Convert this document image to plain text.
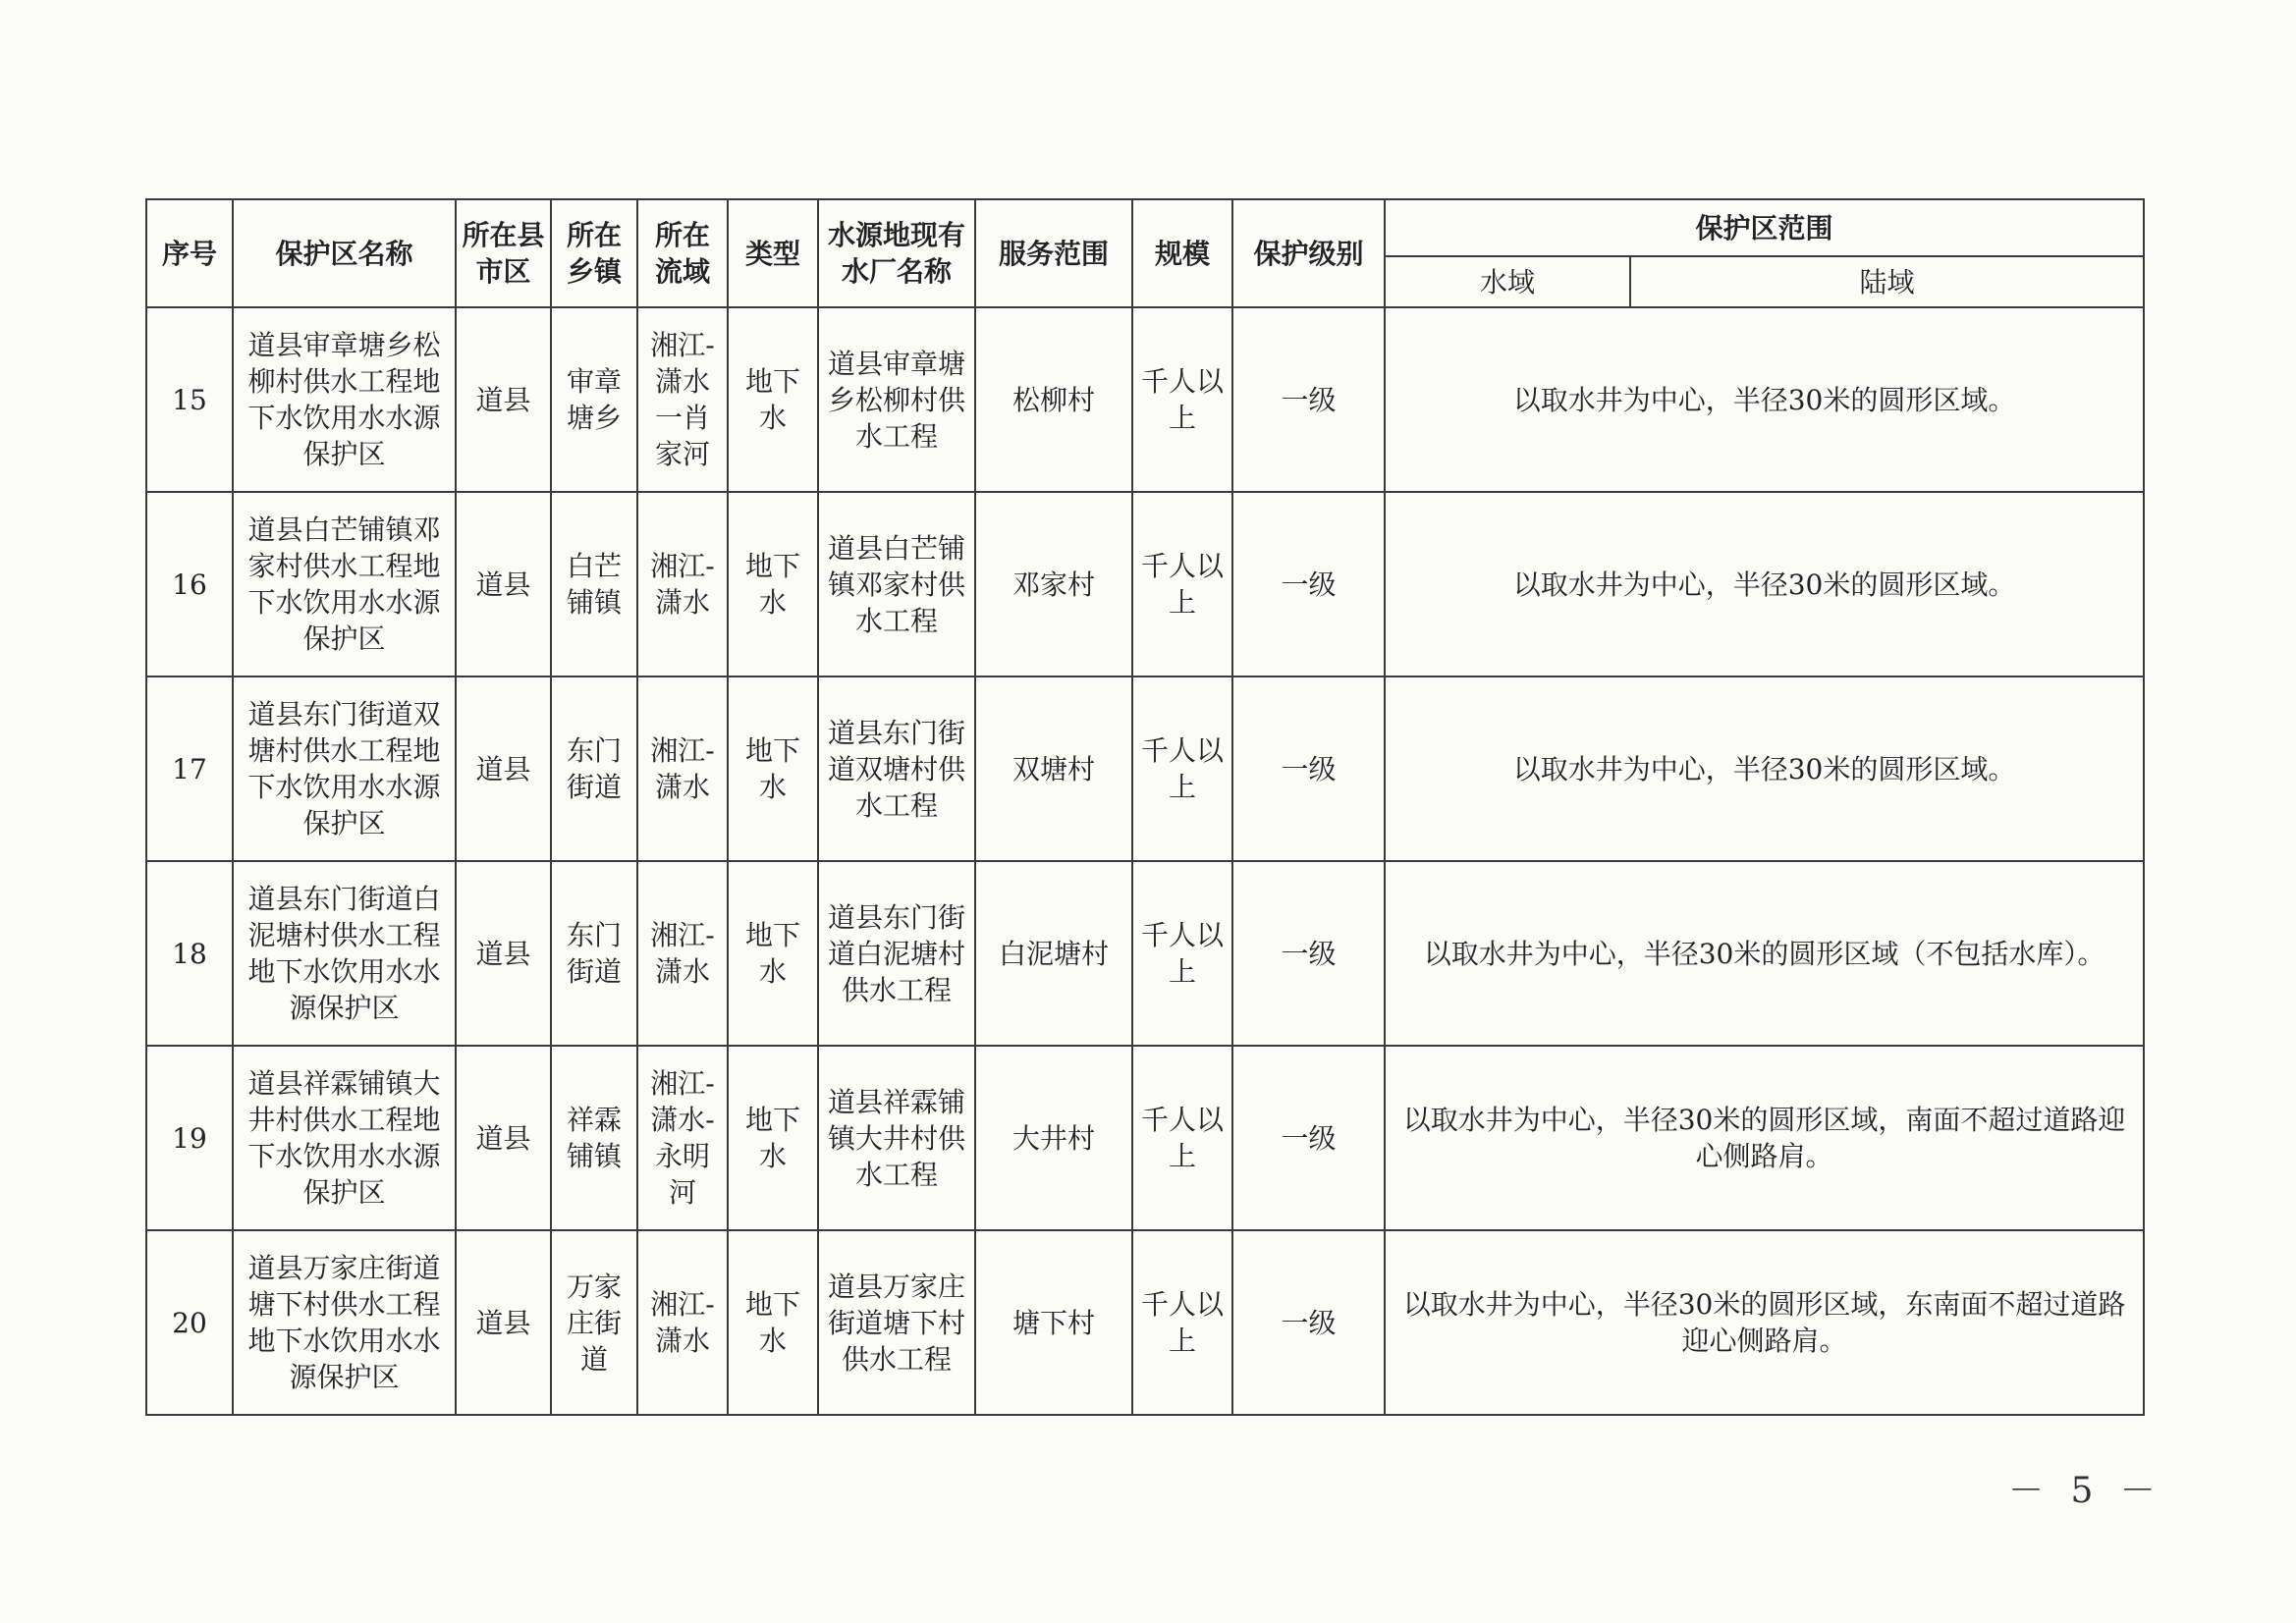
序号	保护区名称	所在县市区	所在乡镇	所在流域	类型	水源地现有水厂名称	服务范围	规模	保护级别	保护区范围	
										水域	陆域
15	道县审章塘乡松柳村供水工程地下水饮用水水源保护区	道县	审章塘乡	湘江-潇水一肖家河	地下水	道县审章塘乡松柳村供水工程	松柳村	千人以上	一级	以取水井为中心，半径30米的圆形区域。	
16	道县白芒铺镇邓家村供水工程地下水饮用水水源保护区	道县	白芒铺镇	湘江-潇水	地下水	道县白芒铺镇邓家村供水工程	邓家村	千人以上	一级	以取水井为中心，半径30米的圆形区域。	
17	道县东门街道双塘村供水工程地下水饮用水水源保护区	道县	东门街道	湘江-潇水	地下水	道县东门街道双塘村供水工程	双塘村	千人以上	一级	以取水井为中心，半径30米的圆形区域。	
18	道县东门街道白泥塘村供水工程地下水饮用水水源保护区	道县	东门街道	湘江-潇水	地下水	道县东门街道白泥塘村供水工程	白泥塘村	千人以上	一级	以取水井为中心，半径30米的圆形区域（不包括水库）。	
19	道县祥霖铺镇大井村供水工程地下水饮用水水源保护区	道县	祥霖铺镇	湘江-潇水-永明河	地下水	道县祥霖铺镇大井村供水工程	大井村	千人以上	一级	以取水井为中心，半径30米的圆形区域，南面不超过道路迎心侧路肩。	
20	道县万家庄街道塘下村供水工程地下水饮用水水源保护区	道县	万家庄街道	湘江-潇水	地下水	道县万家庄街道塘下村供水工程	塘下村	千人以上	一级	以取水井为中心，半径30米的圆形区域，东南面不超过道路迎心侧路肩。	
－ 5 －
